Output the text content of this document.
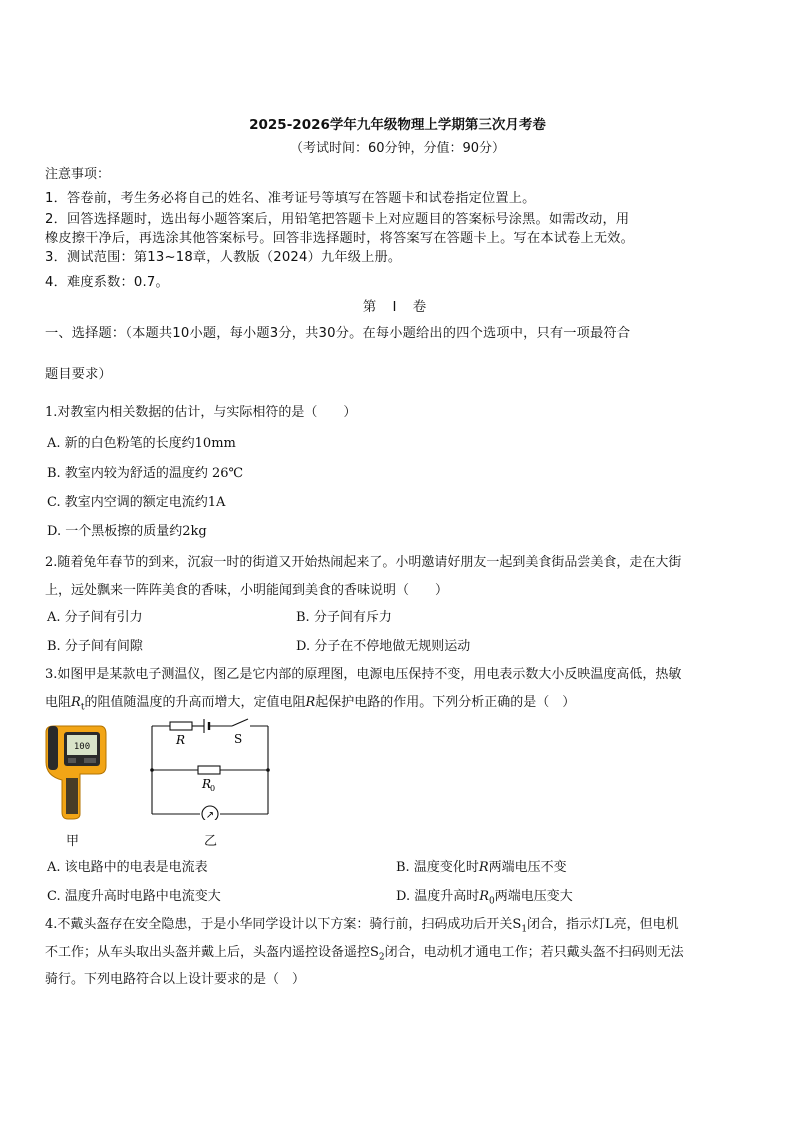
2025-2026学年九年级物理上学期第三次月考卷
（考试时间：60分钟，分值：90分）
注意事项：
1．答卷前，考生务必将自己的姓名、准考证号等填写在答题卡和试卷指定位置上。
2．回答选择题时，选出每小题答案后，用铅笔把答题卡上对应题目的答案标号涂黑。如需改动，用
橡皮擦干净后，再选涂其他答案标号。回答非选择题时，将答案写在答题卡上。写在本试卷上无效。
3．测试范围：第13~18章，人教版（2024）九年级上册。
4．难度系数：0.7。
第 I 卷
一、选择题：（本题共10小题，每小题3分，共30分。在每小题给出的四个选项中，只有一项最符合
题目要求）
1.对教室内相关数据的估计，与实际相符的是（　　）
A. 新的白色粉笔的长度约10mm
B. 教室内较为舒适的温度约 26℃
C. 教室内空调的额定电流约1A
D. 一个黑板擦的质量约2kg
2.随着兔年春节的到来，沉寂一时的街道又开始热闹起来了。小明邀请好朋友一起到美食街品尝美食，走在大街
上，远处飘来一阵阵美食的香味，小明能闻到美食的香味说明（　　）
A. 分子间有引力	B. 分子间有斥力
B. 分子间有间隙	D. 分子在不停地做无规则运动
3.如图甲是某款电子测温仪，图乙是它内部的原理图，电源电压保持不变，用电表示数大小反映温度高低，热敏
电阻$R_t$的阻值随温度的升高而增大，定值电阻R起保护电路的作用。下列分析正确的是（　）
100
甲
R	S
R
0
↗
乙
A. 该电路中的电表是电流表	B. 温度变化时R两端电压不变
C. 温度升高时电路中电流变大	D. 温度升高时$R_0$两端电压变大
4.不戴头盔存在安全隐患，于是小华同学设计以下方案：骑行前，扫码成功后开关$S_1$闭合，指示灯L亮，但电机
不工作；从车头取出头盔并戴上后，头盔内遥控设备遥控$S_2$闭合，电动机才通电工作；若只戴头盔不扫码则无法
骑行。下列电路符合以上设计要求的是（　）
